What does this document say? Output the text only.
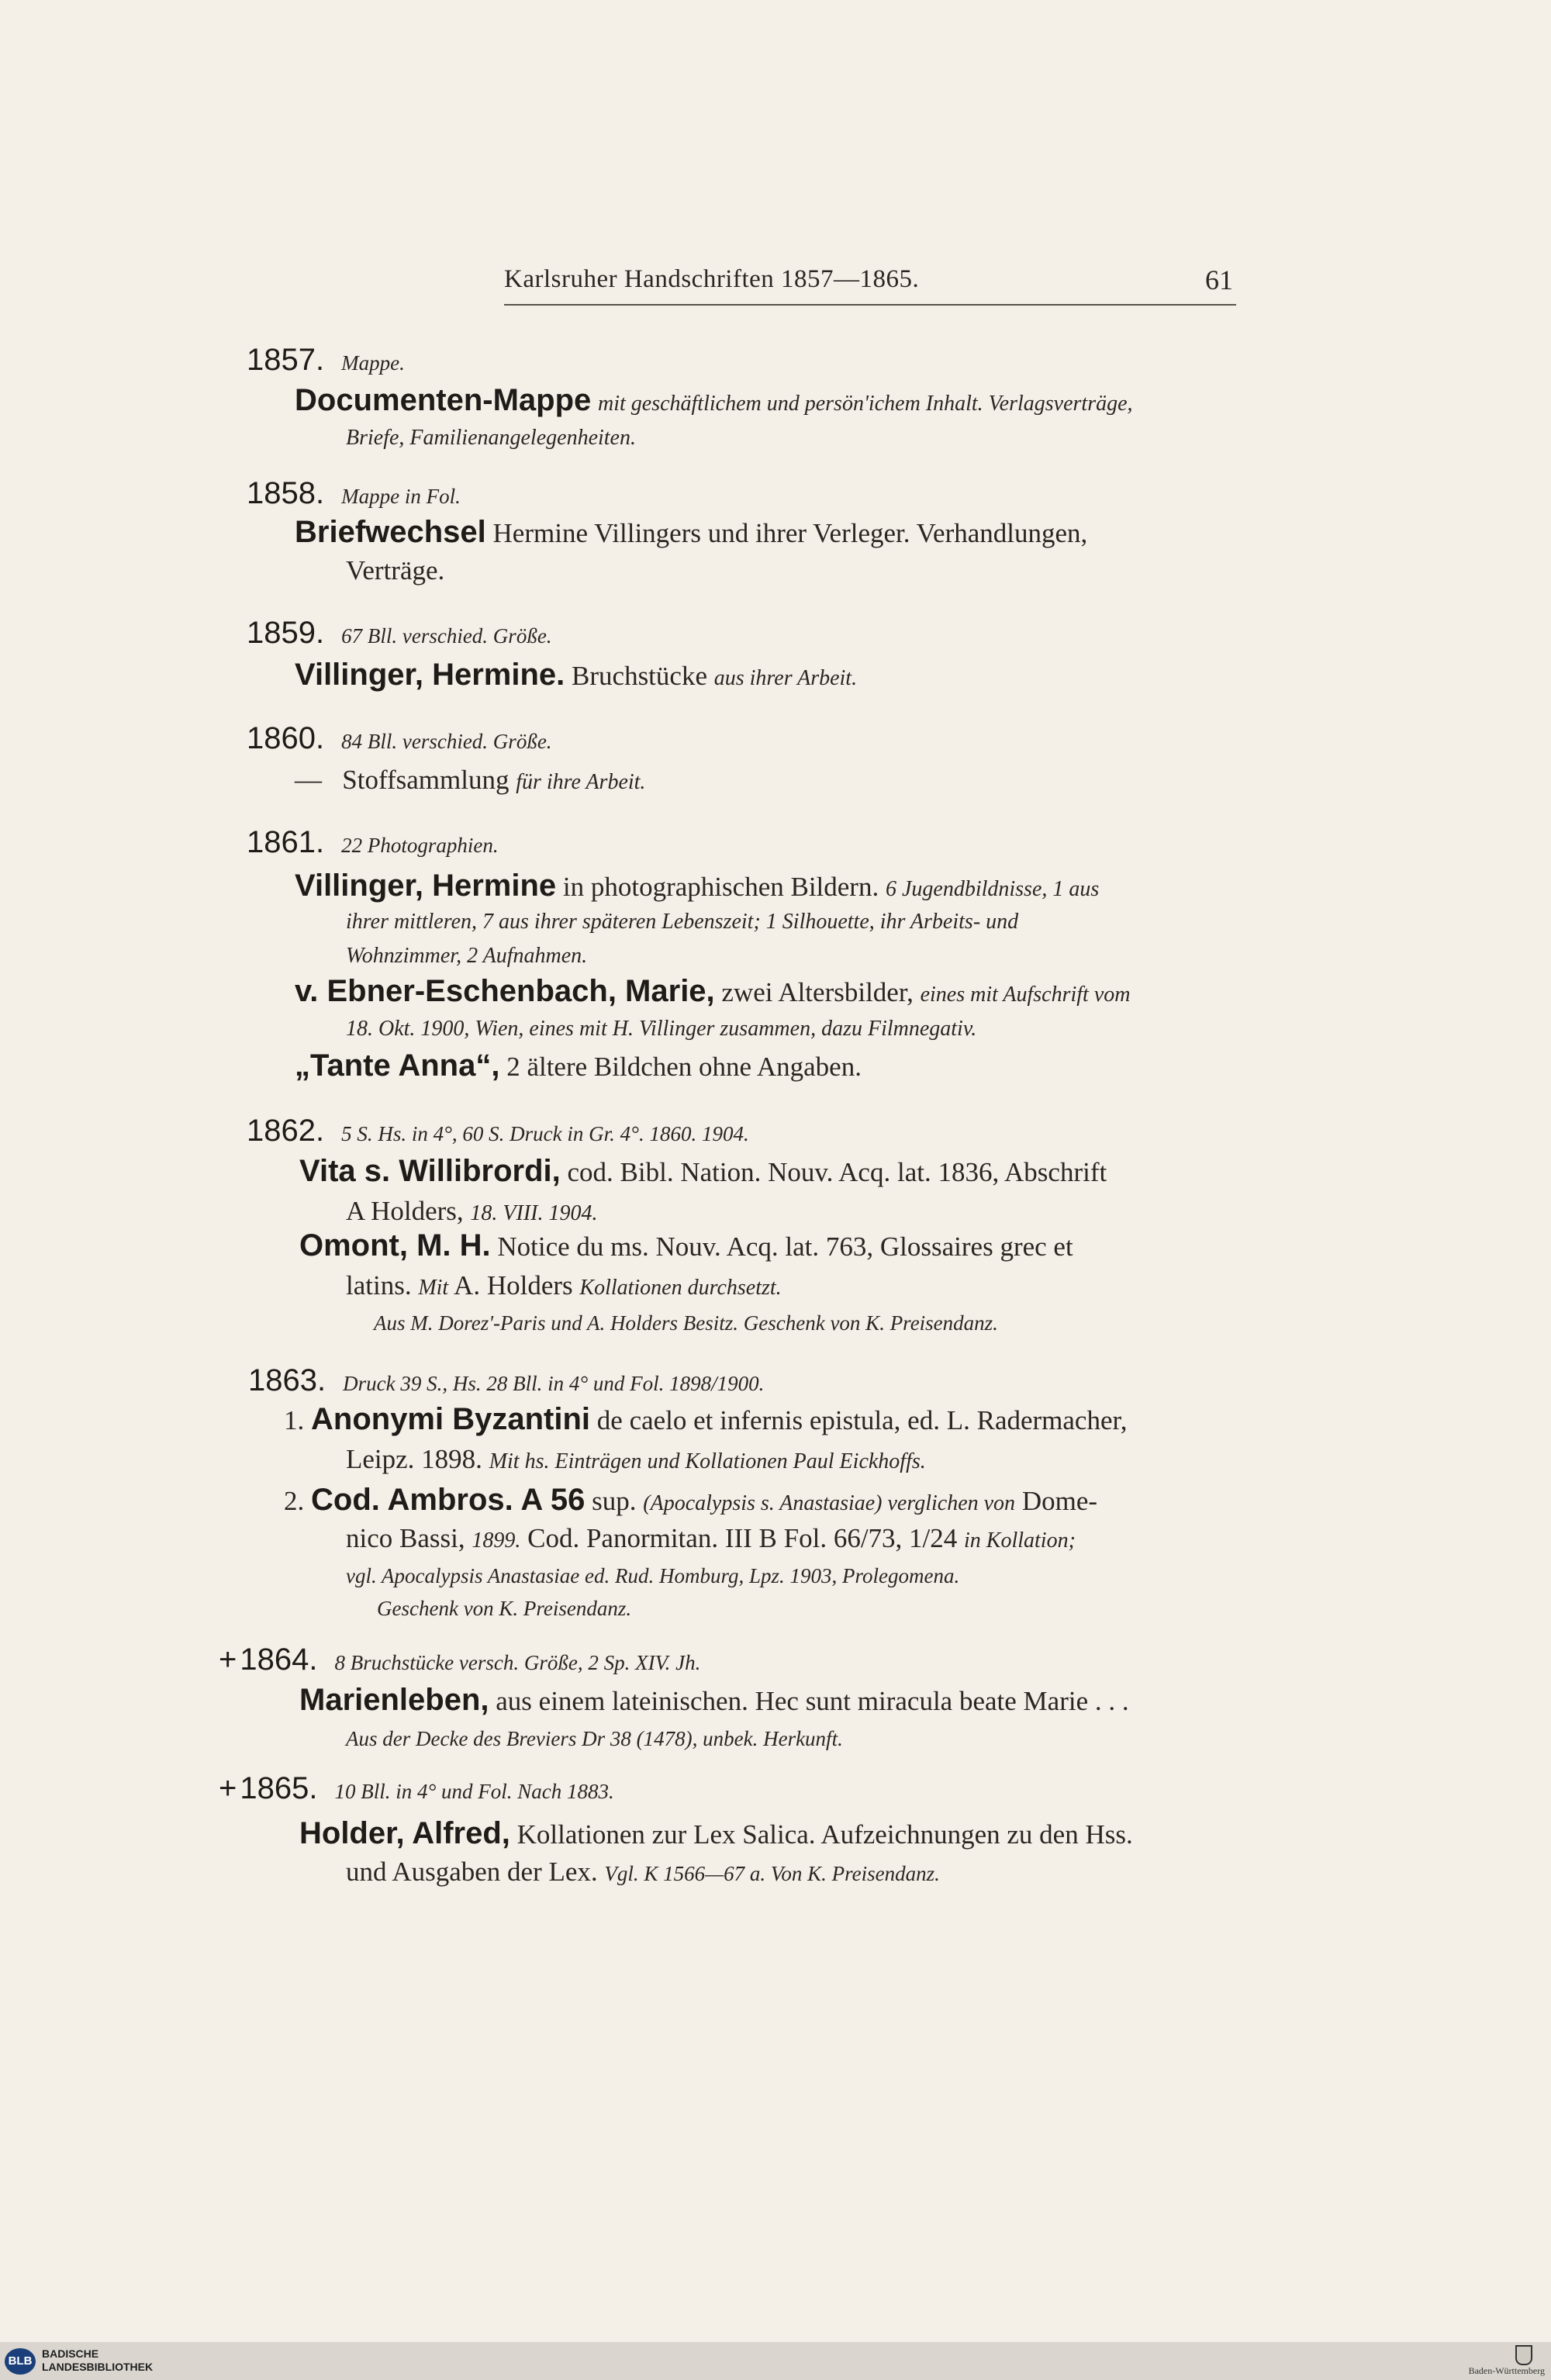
Karlsruher Handschriften 1857—1865.	61
1857. Mappe.
Documenten-Mappe mit geschäftlichem und persön'ichem Inhalt. Verlagsverträge,
Briefe, Familienangelegenheiten.
1858. Mappe in Fol.
Briefwechsel Hermine Villingers und ihrer Verleger. Verhandlungen,
Verträge.
1859. 67 Bll. verschied. Größe.
Villinger, Hermine. Bruchstücke aus ihrer Arbeit.
1860. 84 Bll. verschied. Größe.
— Stoffsammlung für ihre Arbeit.
1861. 22 Photographien.
Villinger, Hermine in photographischen Bildern. 6 Jugendbildnisse, 1 aus
ihrer mittleren, 7 aus ihrer späteren Lebenszeit; 1 Silhouette, ihr Arbeits- und
Wohnzimmer, 2 Aufnahmen.
v. Ebner-Eschenbach, Marie, zwei Altersbilder, eines mit Aufschrift vom
18. Okt. 1900, Wien, eines mit H. Villinger zusammen, dazu Filmnegativ.
„Tante Anna“, 2 ältere Bildchen ohne Angaben.
1862. 5 S. Hs. in 4°, 60 S. Druck in Gr. 4°. 1860. 1904.
Vita s. Willibrordi, cod. Bibl. Nation. Nouv. Acq. lat. 1836, Abschrift
A Holders, 18. VIII. 1904.
Omont, M. H. Notice du ms. Nouv. Acq. lat. 763, Glossaires grec et
latins. Mit A. Holders Kollationen durchsetzt.
Aus M. Dorez'-Paris und A. Holders Besitz. Geschenk von K. Preisendanz.
1863. Druck 39 S., Hs. 28 Bll. in 4° und Fol. 1898/1900.
1. Anonymi Byzantini de caelo et infernis epistula, ed. L. Radermacher,
Leipz. 1898. Mit hs. Einträgen und Kollationen Paul Eickhoffs.
2. Cod. Ambros. A 56 sup. (Apocalypsis s. Anastasiae) verglichen von Dome-
nico Bassi, 1899. Cod. Panormitan. III B Fol. 66/73, 1/24 in Kollation;
vgl. Apocalypsis Anastasiae ed. Rud. Homburg, Lpz. 1903, Prolegomena.
Geschenk von K. Preisendanz.
+ 1864. 8 Bruchstücke versch. Größe, 2 Sp. XIV. Jh.
Marienleben, aus einem lateinischen. Hec sunt miracula beate Marie . . .
Aus der Decke des Breviers Dr 38 (1478), unbek. Herkunft.
+ 1865. 10 Bll. in 4° und Fol. Nach 1883.
Holder, Alfred, Kollationen zur Lex Salica. Aufzeichnungen zu den Hss.
und Ausgaben der Lex. Vgl. K 1566—67 a. Von K. Preisendanz.
BLB
BADISCHE
LANDESBIBLIOTHEK	Baden-Württemberg
